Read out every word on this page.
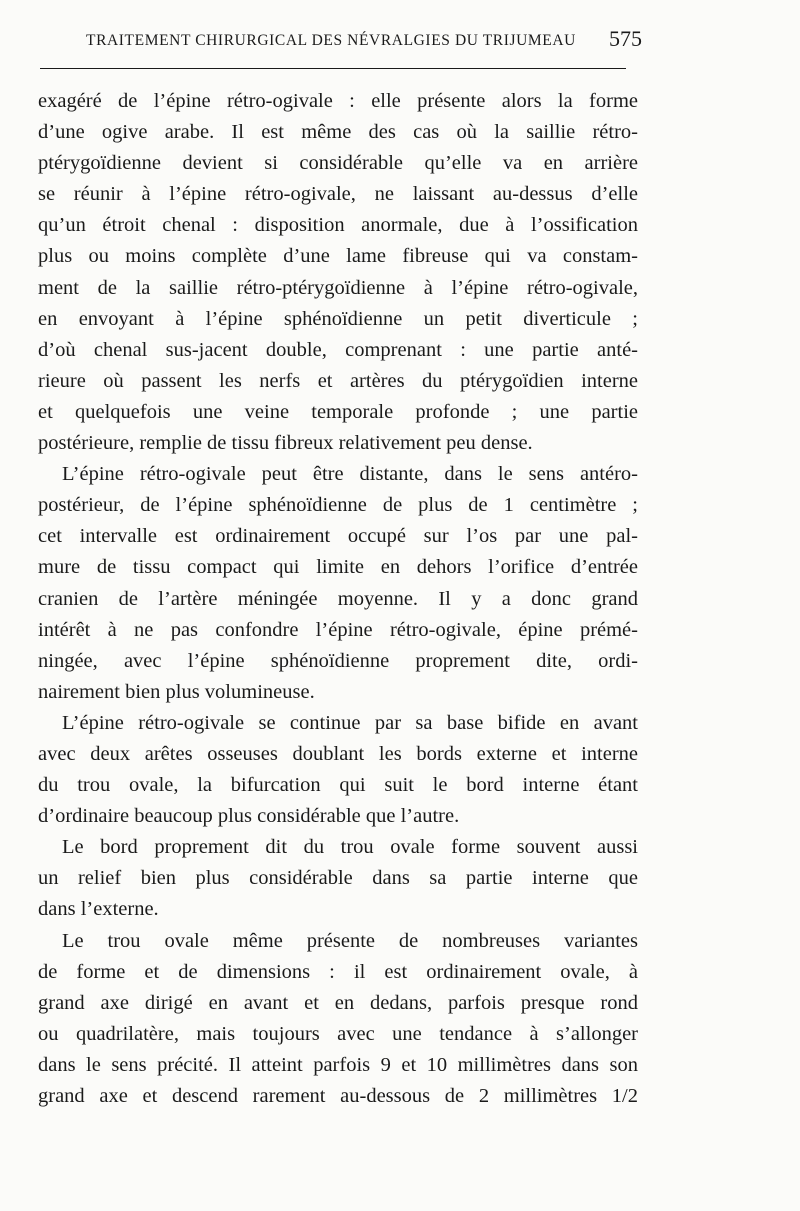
TRAITEMENT CHIRURGICAL DES NÉVRALGIES DU TRIJUMEAU 575
exagéré de l’épine rétro-ogivale : elle présente alors la forme
d’une ogive arabe. Il est même des cas où la saillie rétro-
ptérygoïdienne devient si considérable qu’elle va en arrière
se réunir à l’épine rétro-ogivale, ne laissant au-dessus d’elle
qu’un étroit chenal : disposition anormale, due à l’ossification
plus ou moins complète d’une lame fibreuse qui va constam-
ment de la saillie rétro-ptérygoïdienne à l’épine rétro-ogivale,
en envoyant à l’épine sphénoïdienne un petit diverticule ;
d’où chenal sus-jacent double, comprenant : une partie anté-
rieure où passent les nerfs et artères du ptérygoïdien interne
et quelquefois une veine temporale profonde ; une partie
postérieure, remplie de tissu fibreux relativement peu dense.
L’épine rétro-ogivale peut être distante, dans le sens antéro-
postérieur, de l’épine sphénoïdienne de plus de 1 centimètre ;
cet intervalle est ordinairement occupé sur l’os par une pal-
mure de tissu compact qui limite en dehors l’orifice d’entrée
cranien de l’artère méningée moyenne. Il y a donc grand
intérêt à ne pas confondre l’épine rétro-ogivale, épine prémé-
ningée, avec l’épine sphénoïdienne proprement dite, ordi-
nairement bien plus volumineuse.
L’épine rétro-ogivale se continue par sa base bifide en avant
avec deux arêtes osseuses doublant les bords externe et interne
du trou ovale, la bifurcation qui suit le bord interne étant
d’ordinaire beaucoup plus considérable que l’autre.
Le bord proprement dit du trou ovale forme souvent aussi
un relief bien plus considérable dans sa partie interne que
dans l’externe.
Le trou ovale même présente de nombreuses variantes
de forme et de dimensions : il est ordinairement ovale, à
grand axe dirigé en avant et en dedans, parfois presque rond
ou quadrilatère, mais toujours avec une tendance à s’allonger
dans le sens précité. Il atteint parfois 9 et 10 millimètres dans son
grand axe et descend rarement au-dessous de 2 millimètres 1/2
